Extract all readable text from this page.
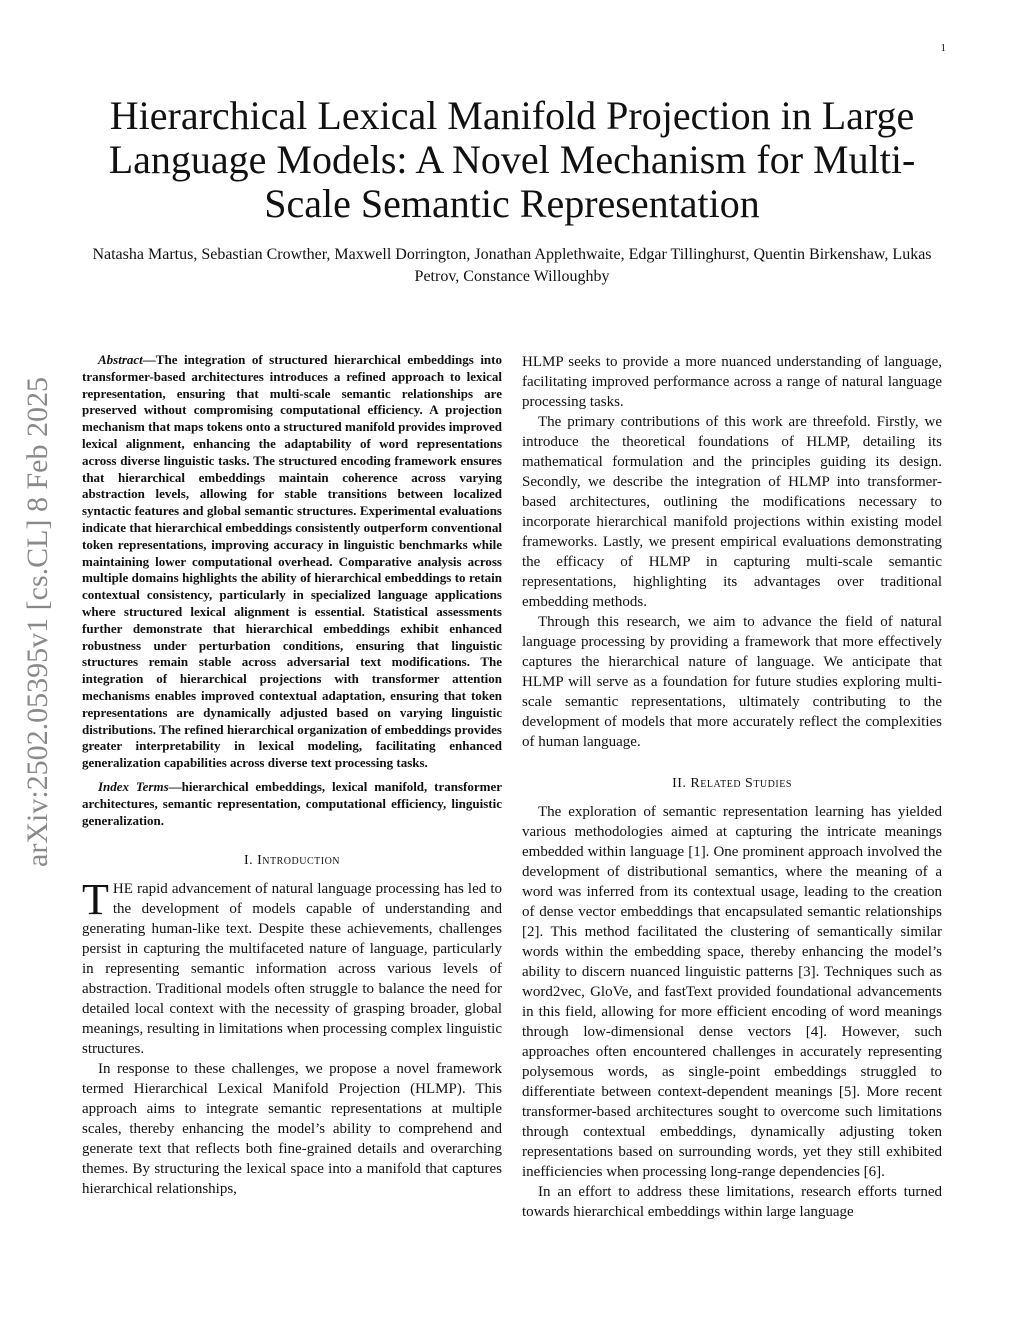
1
Hierarchical Lexical Manifold Projection in Large Language Models: A Novel Mechanism for Multi-Scale Semantic Representation

Natasha Martus, Sebastian Crowther, Maxwell Dorrington, Jonathan Applethwaite, Edgar Tillinghurst, Quentin Birkenshaw, Lukas Petrov, Constance Willoughby

arXiv:2502.05395v1 [cs.CL] 8 Feb 2025

Abstract—The integration of structured hierarchical embeddings into transformer-based architectures introduces a refined approach to lexical representation, ensuring that multi-scale semantic relationships are preserved without compromising computational efficiency. A projection mechanism that maps tokens onto a structured manifold provides improved lexical alignment, enhancing the adaptability of word representations across diverse linguistic tasks. The structured encoding framework ensures that hierarchical embeddings maintain coherence across varying abstraction levels, allowing for stable transitions between localized syntactic features and global semantic structures. Experimental evaluations indicate that hierarchical embeddings consistently outperform conventional token representations, improving accuracy in linguistic benchmarks while maintaining lower computational overhead. Comparative analysis across multiple domains highlights the ability of hierarchical embeddings to retain contextual consistency, particularly in specialized language applications where structured lexical alignment is essential. Statistical assessments further demonstrate that hierarchical embeddings exhibit enhanced robustness under perturbation conditions, ensuring that linguistic structures remain stable across adversarial text modifications. The integration of hierarchical projections with transformer attention mechanisms enables improved contextual adaptation, ensuring that token representations are dynamically adjusted based on varying linguistic distributions. The refined hierarchical organization of embeddings provides greater interpretability in lexical modeling, facilitating enhanced generalization capabilities across diverse text processing tasks.

Index Terms—hierarchical embeddings, lexical manifold, transformer architectures, semantic representation, computational efficiency, linguistic generalization.

I. Introduction

THE rapid advancement of natural language processing has led to the development of models capable of understanding and generating human-like text. Despite these achievements, challenges persist in capturing the multifaceted nature of language, particularly in representing semantic information across various levels of abstraction. Traditional models often struggle to balance the need for detailed local context with the necessity of grasping broader, global meanings, resulting in limitations when processing complex linguistic structures.

In response to these challenges, we propose a novel framework termed Hierarchical Lexical Manifold Projection (HLMP). This approach aims to integrate semantic representations at multiple scales, thereby enhancing the model’s ability to comprehend and generate text that reflects both fine-grained details and overarching themes. By structuring the lexical space into a manifold that captures hierarchical relationships,

HLMP seeks to provide a more nuanced understanding of language, facilitating improved performance across a range of natural language processing tasks.

The primary contributions of this work are threefold. Firstly, we introduce the theoretical foundations of HLMP, detailing its mathematical formulation and the principles guiding its design. Secondly, we describe the integration of HLMP into transformer-based architectures, outlining the modifications necessary to incorporate hierarchical manifold projections within existing model frameworks. Lastly, we present empirical evaluations demonstrating the efficacy of HLMP in capturing multi-scale semantic representations, highlighting its advantages over traditional embedding methods.

Through this research, we aim to advance the field of natural language processing by providing a framework that more effectively captures the hierarchical nature of language. We anticipate that HLMP will serve as a foundation for future studies exploring multi-scale semantic representations, ultimately contributing to the development of models that more accurately reflect the complexities of human language.

II. Related Studies

The exploration of semantic representation learning has yielded various methodologies aimed at capturing the intricate meanings embedded within language [1]. One prominent approach involved the development of distributional semantics, where the meaning of a word was inferred from its contextual usage, leading to the creation of dense vector embeddings that encapsulated semantic relationships [2]. This method facilitated the clustering of semantically similar words within the embedding space, thereby enhancing the model’s ability to discern nuanced linguistic patterns [3]. Techniques such as word2vec, GloVe, and fastText provided foundational advancements in this field, allowing for more efficient encoding of word meanings through low-dimensional dense vectors [4]. However, such approaches often encountered challenges in accurately representing polysemous words, as single-point embeddings struggled to differentiate between context-dependent meanings [5]. More recent transformer-based architectures sought to overcome such limitations through contextual embeddings, dynamically adjusting token representations based on surrounding words, yet they still exhibited inefficiencies when processing long-range dependencies [6].

In an effort to address these limitations, research efforts turned towards hierarchical embeddings within large language
